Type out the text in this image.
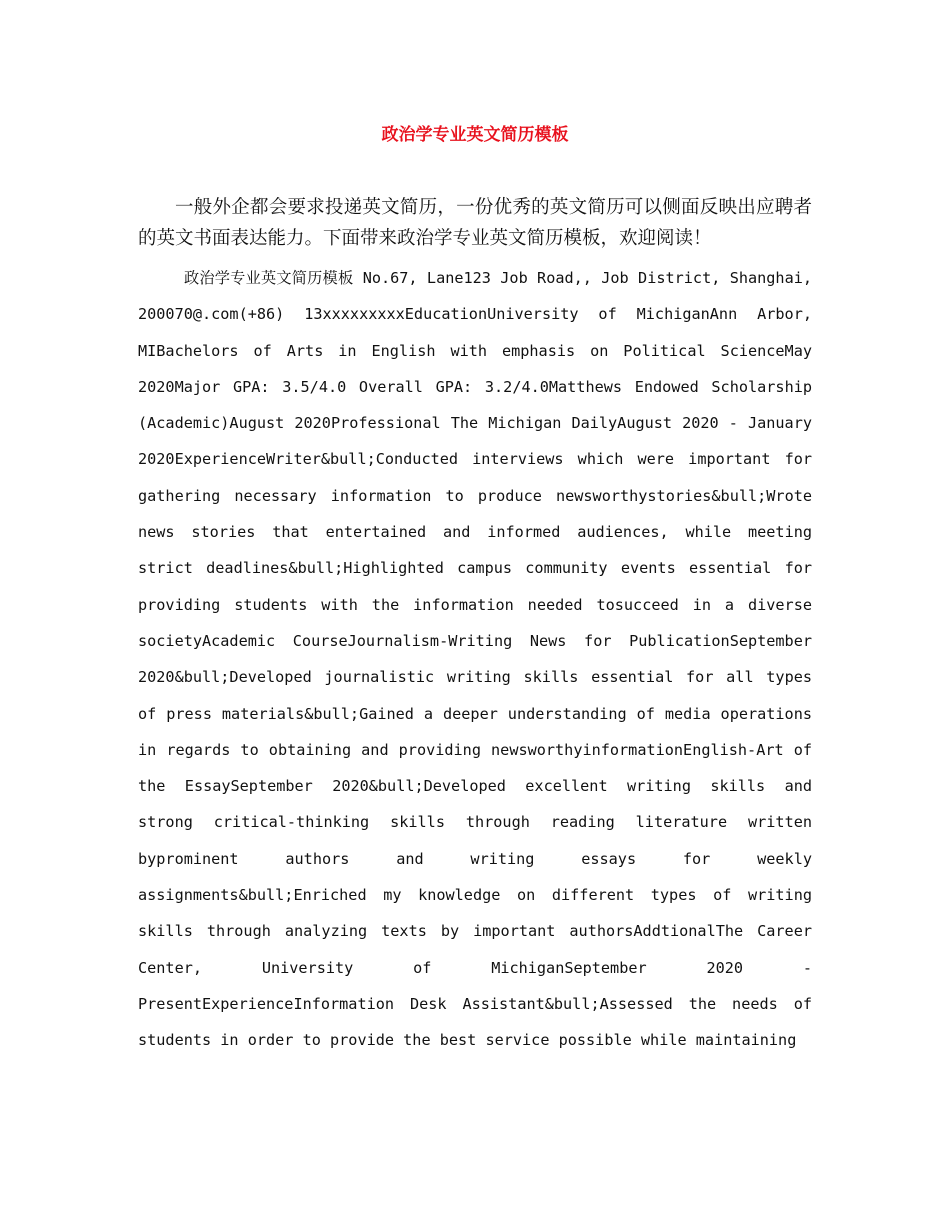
政治学专业英文简历模板

一般外企都会要求投递英文简历，一份优秀的英文简历可以侧面反映出应聘者的英文书面表达能力。下面带来政治学专业英文简历模板，欢迎阅读！

政治学专业英文简历模板 No.67, Lane123 Job Road,, Job District, Shanghai, 200070@.com(+86) 13xxxxxxxxxEducationUniversity of MichiganAnn Arbor, MIBachelors of Arts in English with emphasis on Political ScienceMay 2020Major GPA: 3.5/4.0 Overall GPA: 3.2/4.0Matthews Endowed Scholarship (Academic)August 2020Professional The Michigan DailyAugust 2020 - January 2020ExperienceWriter&bull;Conducted interviews which were important for gathering necessary information to produce newsworthystories&bull;Wrote news stories that entertained and informed audiences, while meeting strict deadlines&bull;Highlighted campus community events essential for providing students with the information needed tosucceed in a diverse societyAcademic CourseJournalism-Writing News for PublicationSeptember 2020&bull;Developed journalistic writing skills essential for all types of press materials&bull;Gained a deeper understanding of media operations in regards to obtaining and providing newsworthyinformationEnglish-Art of the EssaySeptember 2020&bull;Developed excellent writing skills and strong critical-thinking skills through reading literature written byprominent authors and writing essays for weekly assignments&bull;Enriched my knowledge on different types of writing skills through analyzing texts by important authorsAddtionalThe Career Center, University of MichiganSeptember 2020 - PresentExperienceInformation Desk Assistant&bull;Assessed the needs of students in order to provide the best service possible while maintaining
